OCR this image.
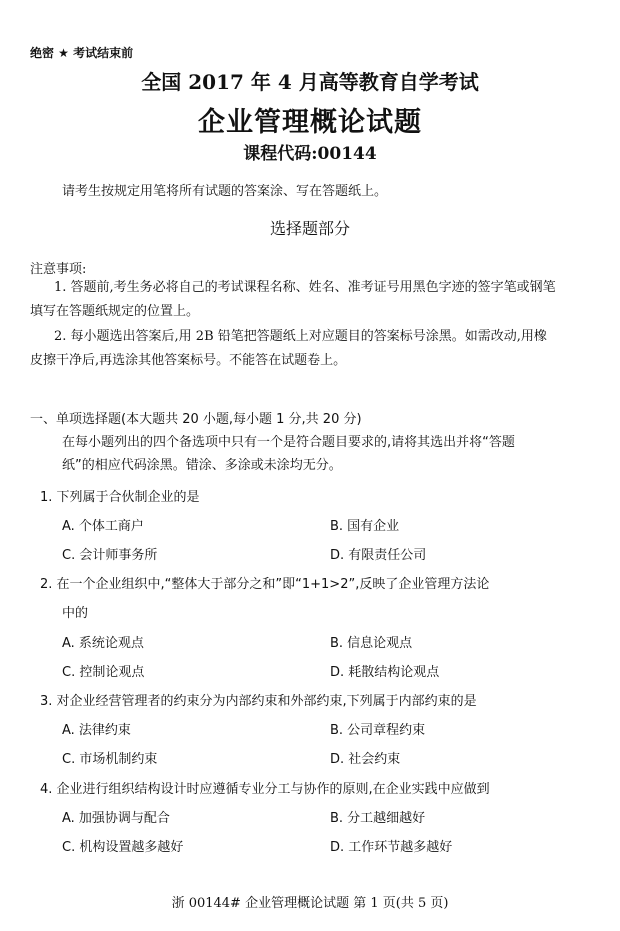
绝密 ★ 考试结束前
全国 2017 年 4 月高等教育自学考试
企业管理概论试题
课程代码:00144
请考生按规定用笔将所有试题的答案涂、写在答题纸上。
选择题部分
注意事项:
1. 答题前,考生务必将自己的考试课程名称、姓名、准考证号用黑色字迹的签字笔或钢笔
填写在答题纸规定的位置上。
2. 每小题选出答案后,用 2B 铅笔把答题纸上对应题目的答案标号涂黑。如需改动,用橡
皮擦干净后,再选涂其他答案标号。不能答在试题卷上。
一、单项选择题(本大题共 20 小题,每小题 1 分,共 20 分)
在每小题列出的四个备选项中只有一个是符合题目要求的,请将其选出并将“答题
纸”的相应代码涂黑。错涂、多涂或未涂均无分。
1. 下列属于合伙制企业的是
A. 个体工商户	B. 国有企业
C. 会计师事务所	D. 有限责任公司
2. 在一个企业组织中,“整体大于部分之和”即“1+1>2”,反映了企业管理方法论
中的
A. 系统论观点	B. 信息论观点
C. 控制论观点	D. 耗散结构论观点
3. 对企业经营管理者的约束分为内部约束和外部约束,下列属于内部约束的是
A. 法律约束	B. 公司章程约束
C. 市场机制约束	D. 社会约束
4. 企业进行组织结构设计时应遵循专业分工与协作的原则,在企业实践中应做到
A. 加强协调与配合	B. 分工越细越好
C. 机构设置越多越好	D. 工作环节越多越好
浙 00144# 企业管理概论试题 第 1 页(共 5 页)
